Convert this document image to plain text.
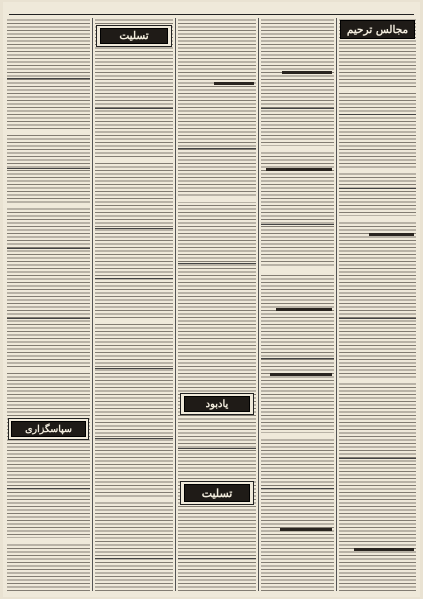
مجالس ترحیم
یادبود
تسلیت
تسلیت
سپاسگزاری
